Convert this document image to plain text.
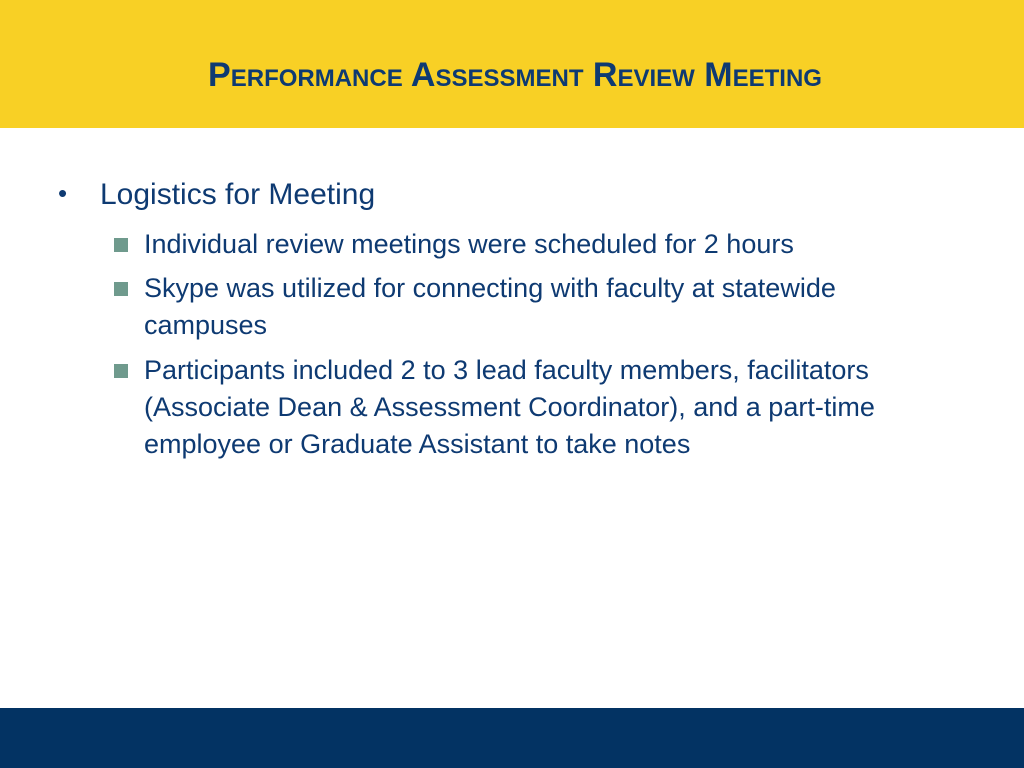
Performance Assessment Review Meeting
• Logistics for Meeting
Individual review meetings were scheduled for 2 hours
Skype was utilized for connecting with faculty at statewide campuses
Participants included 2 to 3 lead faculty members, facilitators (Associate Dean & Assessment Coordinator), and a part-time employee or Graduate Assistant to take notes
